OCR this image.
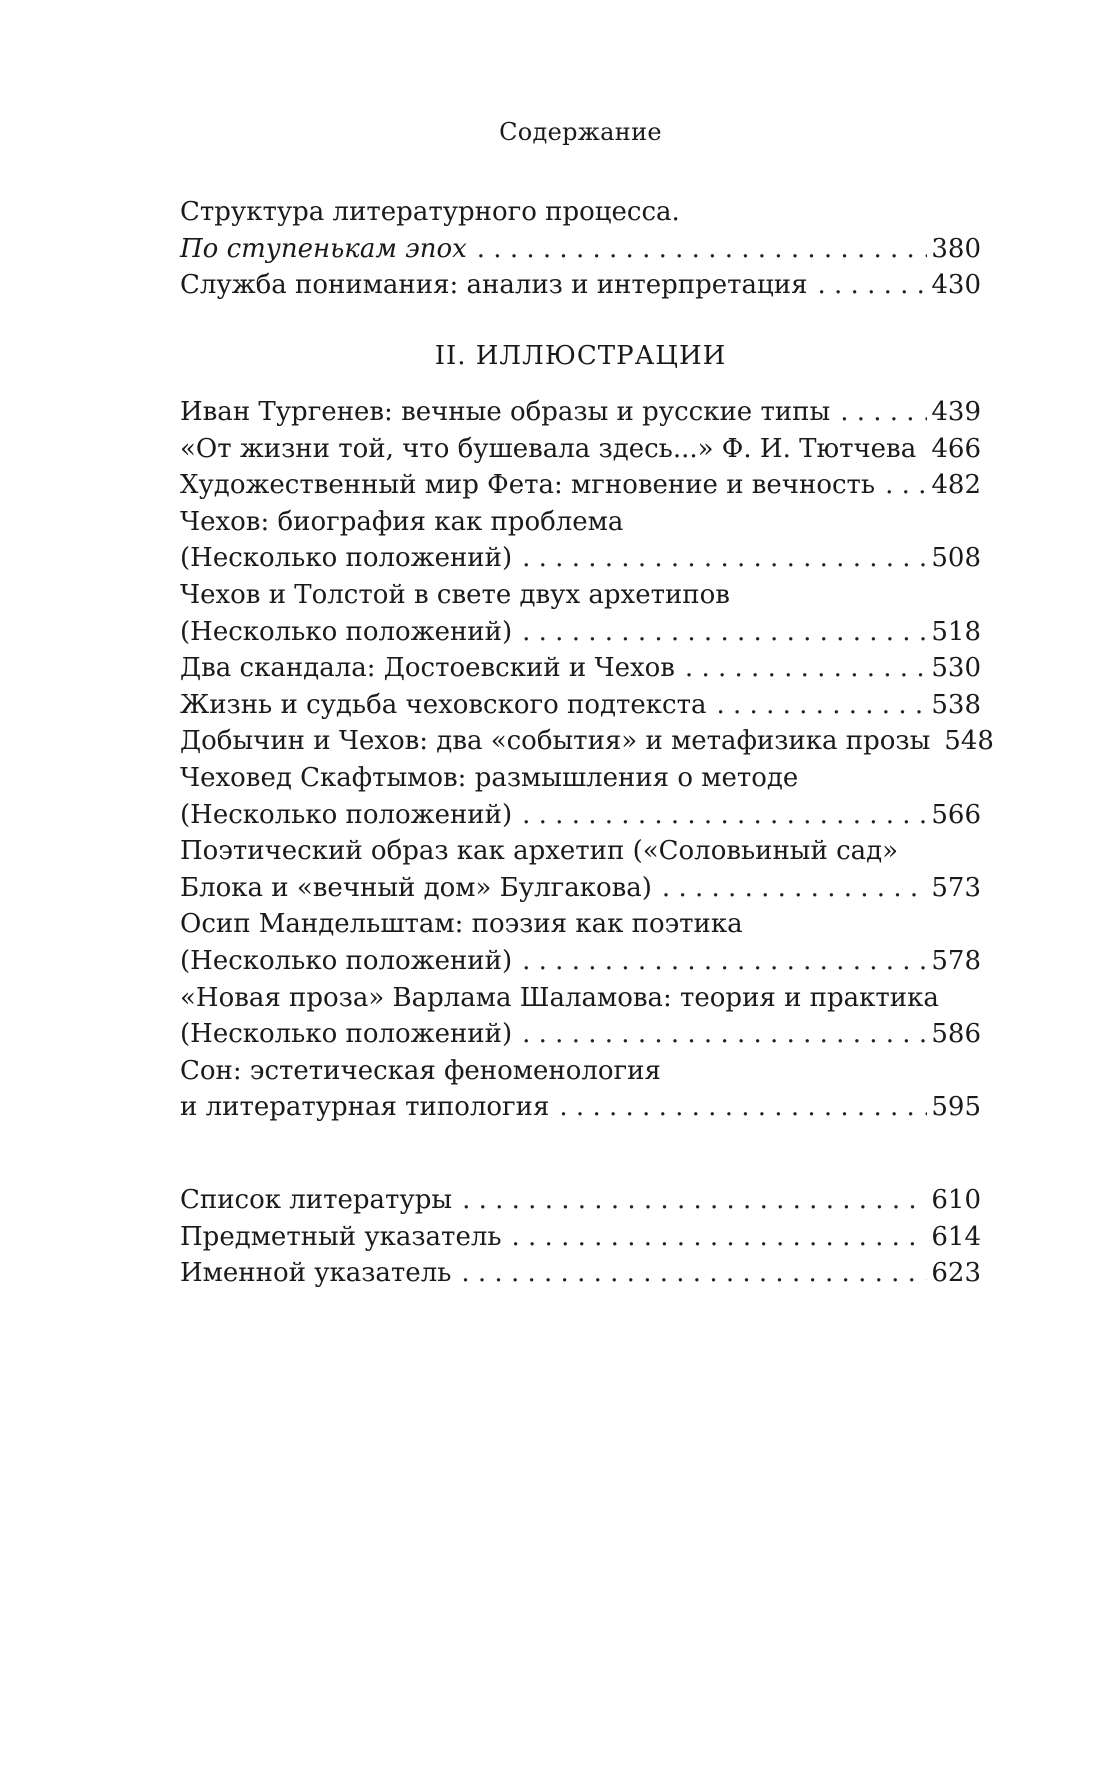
Содержание
Структура литературного процесса.
По ступенькам эпох . . .	380
Служба понимания: анализ и интерпретация . . .	430
II. ИЛЛЮСТРАЦИИ
Иван Тургенев: вечные образы и русские типы . . .	439
«От жизни той, что бушевала здесь...» Ф. И. Тютчева . . . 466
Художественный мир Фета: мгновение и вечность . . .	482
Чехов: биография как проблема
(Несколько положений) . . .	508
Чехов и Толстой в свете двух архетипов
(Несколько положений) . . .	518
Два скандала: Достоевский и Чехов . . .	530
Жизнь и судьба чеховского подтекста . . .	538
Добычин и Чехов: два «события» и метафизика прозы 548
Чеховед Скафтымов: размышления о методе
(Несколько положений) . . .	566
Поэтический образ как архетип («Соловьиный сад»
Блока и «вечный дом» Булгакова) . . .	573
Осип Мандельштам: поэзия как поэтика
(Несколько положений) . . .	578
«Новая проза» Варлама Шаламова: теория и практика
(Несколько положений) . . .	586
Сон: эстетическая феноменология
и литературная типология . . .	595
Список литературы . . .	610
Предметный указатель . . .	614
Именной указатель . . .	623
